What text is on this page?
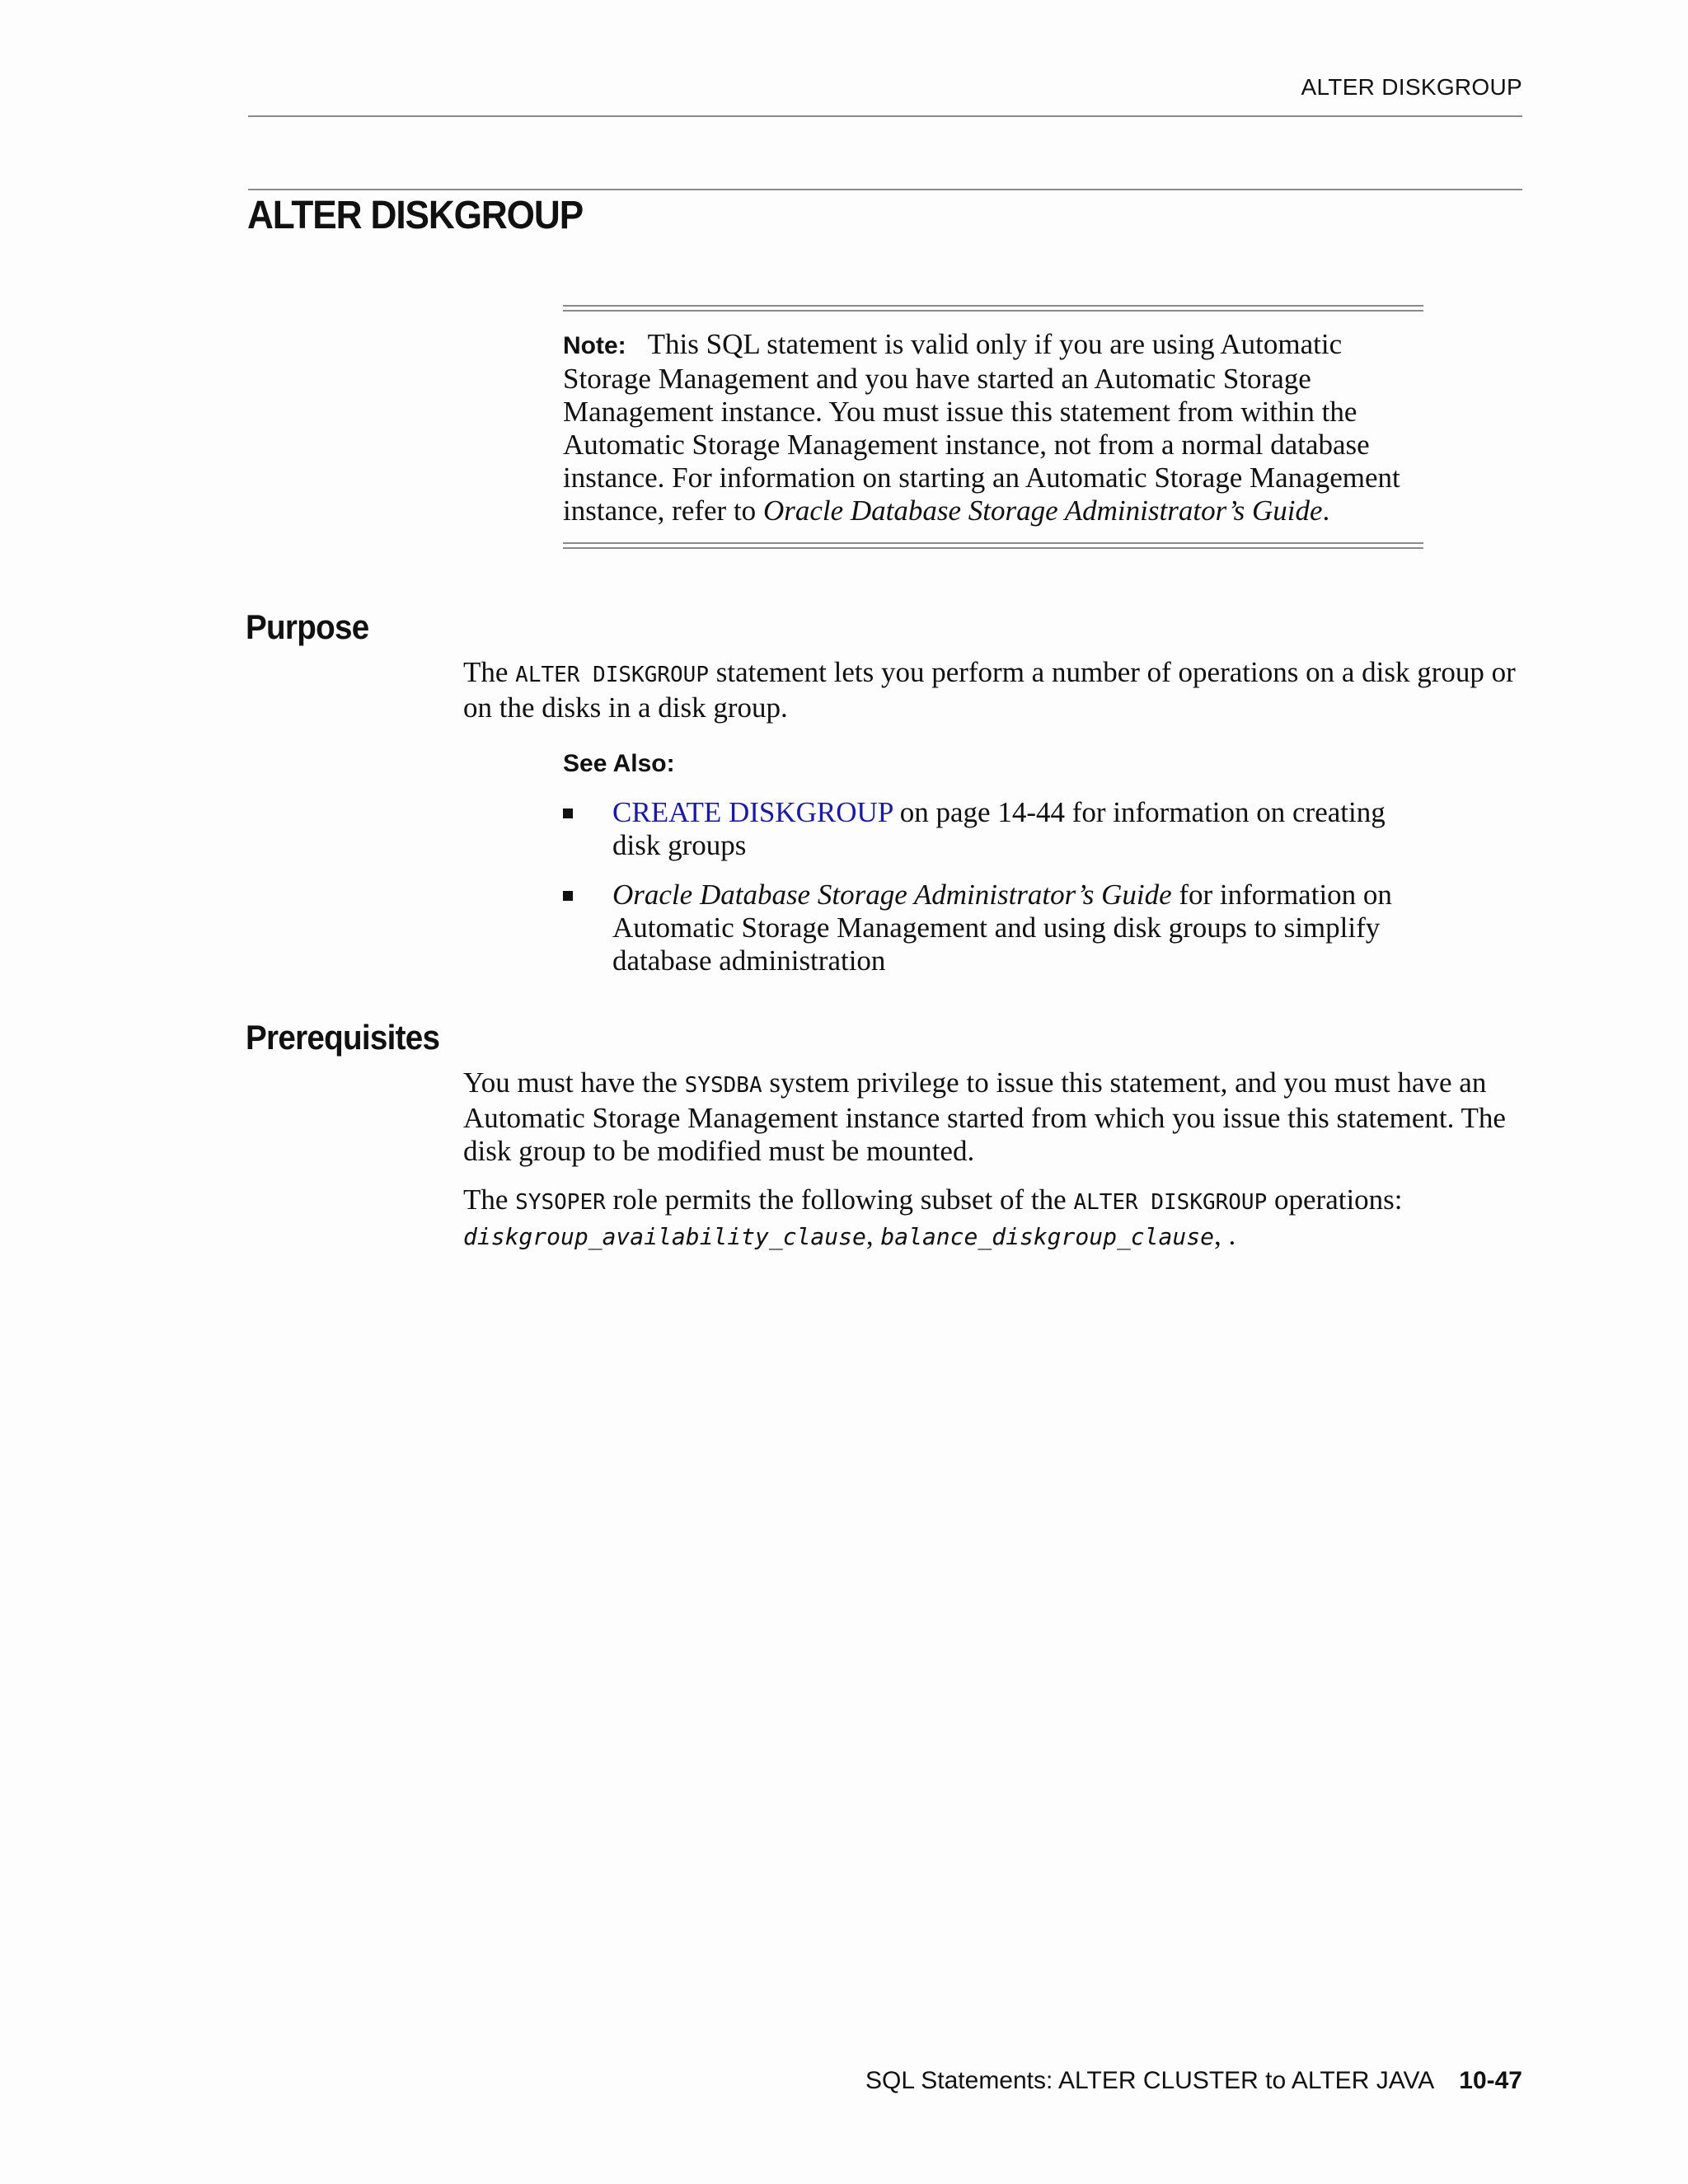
ALTER DISKGROUP
ALTER DISKGROUP
Note: This SQL statement is valid only if you are using Automatic Storage Management and you have started an Automatic Storage Management instance. You must issue this statement from within the Automatic Storage Management instance, not from a normal database instance. For information on starting an Automatic Storage Management instance, refer to Oracle Database Storage Administrator’s Guide.
Purpose

The ALTER DISKGROUP statement lets you perform a number of operations on a disk group or on the disks in a disk group.

See Also:
CREATE DISKGROUP on page 14-44 for information on creating disk groups
Oracle Database Storage Administrator’s Guide for information on Automatic Storage Management and using disk groups to simplify database administration
Prerequisites

You must have the SYSDBA system privilege to issue this statement, and you must have an Automatic Storage Management instance started from which you issue this statement. The disk group to be modified must be mounted.

The SYSOPER role permits the following subset of the ALTER DISKGROUP operations:
diskgroup_availability_clause, balance_diskgroup_clause, .

SQL Statements: ALTER CLUSTER to ALTER JAVA 10-47
